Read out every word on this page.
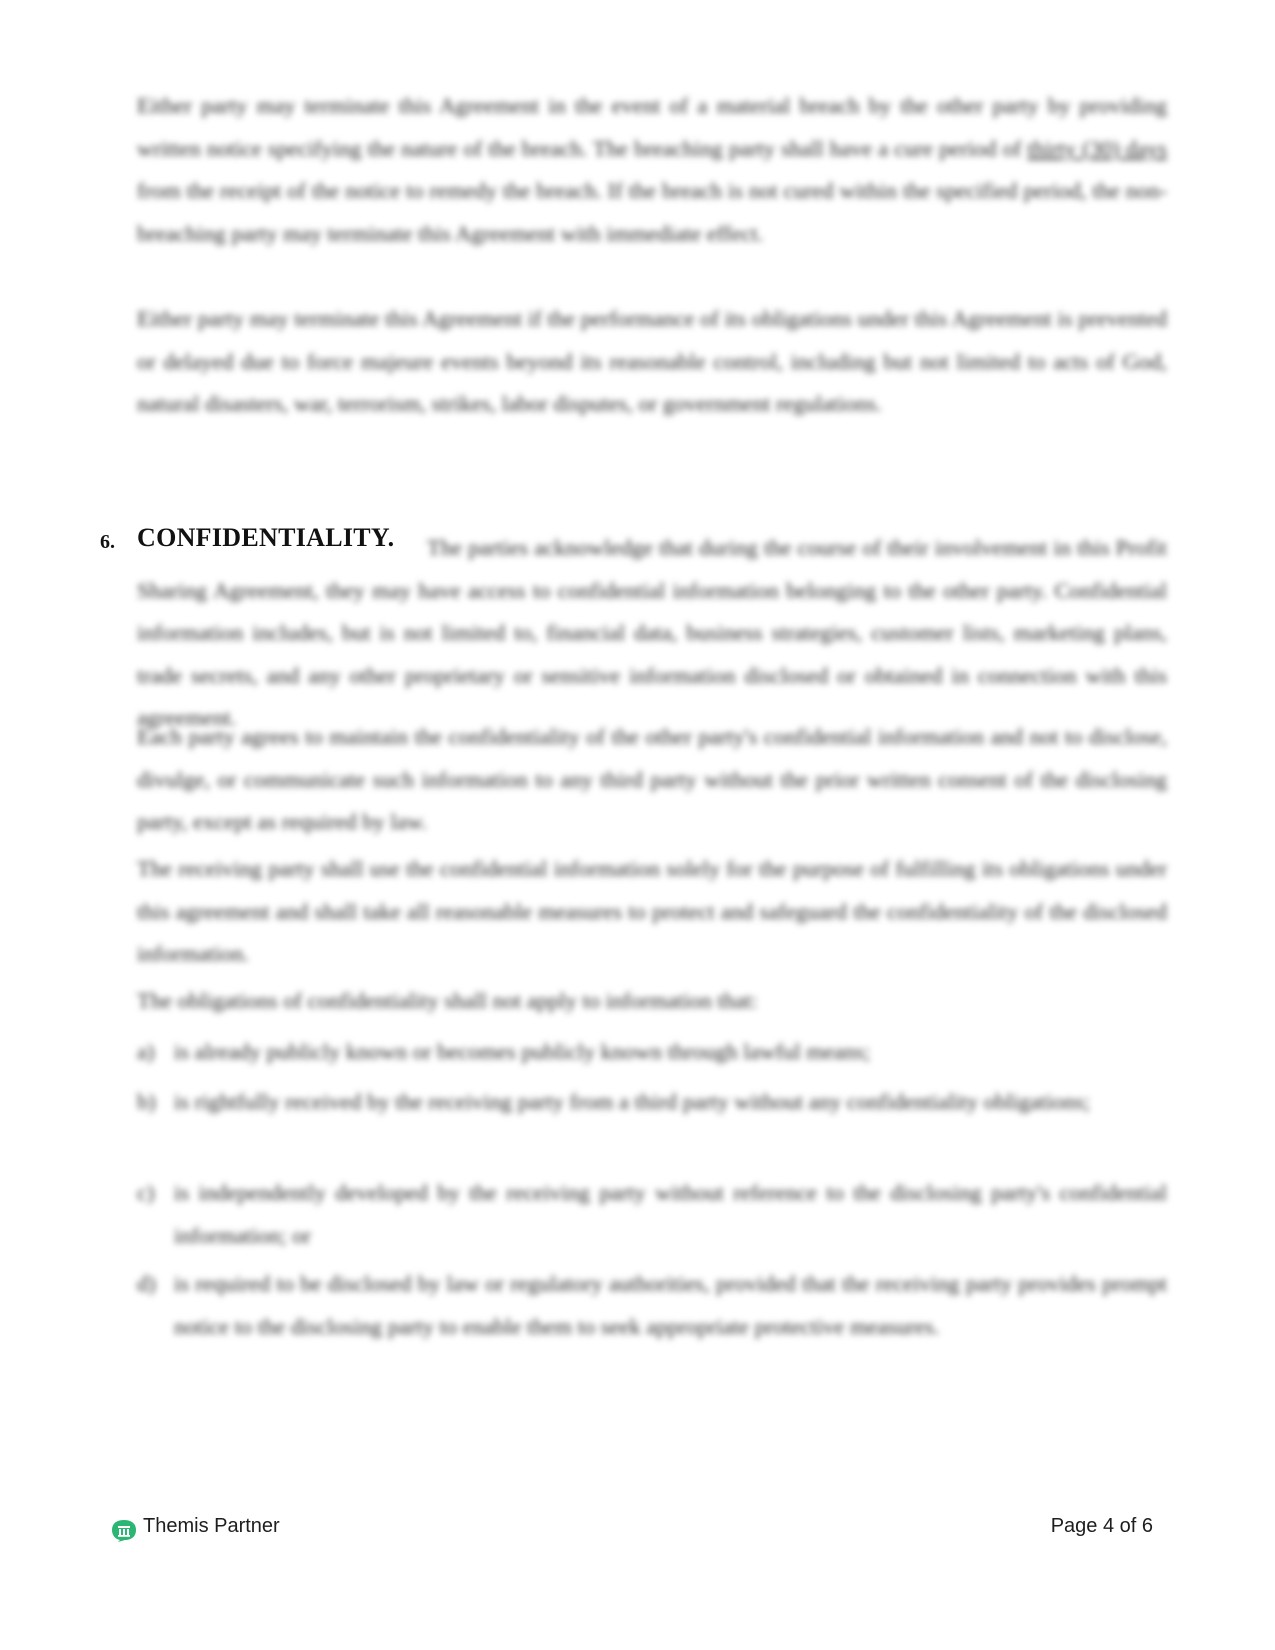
Either party may terminate this Agreement in the event of a material breach by the other party by providing written notice specifying the nature of the breach. The breaching party shall have a cure period of thirty (30) days from the receipt of the notice to remedy the breach. If the breach is not cured within the specified period, the non-breaching party may terminate this Agreement with immediate effect.

Either party may terminate this Agreement if the performance of its obligations under this Agreement is prevented or delayed due to force majeure events beyond its reasonable control, including but not limited to acts of God, natural disasters, war, terrorism, strikes, labor disputes, or government regulations.

6. CONFIDENTIALITY.	The parties acknowledge that during the course of their involvement in this Profit Sharing Agreement, they may have access to confidential information belonging to the other party. Confidential information includes, but is not limited to, financial data, business strategies, customer lists, marketing plans, trade secrets, and any other proprietary or sensitive information disclosed or obtained in connection with this agreement.

Each party agrees to maintain the confidentiality of the other party's confidential information and not to disclose, divulge, or communicate such information to any third party without the prior written consent of the disclosing party, except as required by law.

The receiving party shall use the confidential information solely for the purpose of fulfilling its obligations under this agreement and shall take all reasonable measures to protect and safeguard the confidentiality of the disclosed information.

The obligations of confidentiality shall not apply to information that:

a) is already publicly known or becomes publicly known through lawful means;
b) is rightfully received by the receiving party from a third party without any confidentiality obligations;
c) is independently developed by the receiving party without reference to the disclosing party's confidential information; or
d) is required to be disclosed by law or regulatory authorities, provided that the receiving party provides prompt notice to the disclosing party to enable them to seek appropriate protective measures.
Themis Partner	Page 4 of 6
